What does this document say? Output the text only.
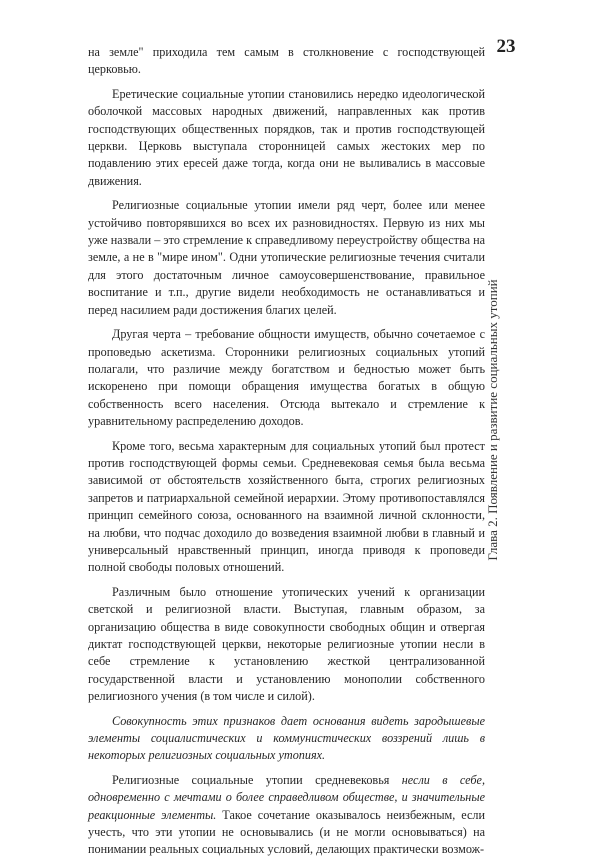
23
Глава 2. Появление и развитие социальных утопий

на земле" приходила тем самым в столкновение с господствующей церковью.

Еретические социальные утопии становились нередко идеологической оболочкой массовых народных движений, направленных как против господствующих общественных порядков, так и против господствующей церкви. Церковь выступала сторонницей самых жестоких мер по подавлению этих ересей даже тогда, когда они не выливались в массовые движения.

Религиозные социальные утопии имели ряд черт, более или менее устойчиво повторявшихся во всех их разновидностях. Первую из них мы уже назвали – это стремление к справедливому переустройству общества на земле, а не в "мире ином". Одни утопические религиозные течения считали для этого достаточным личное самоусовершенствование, правильное воспитание и т.п., другие видели необходимость не останавливаться и перед насилием ради достижения благих целей.

Другая черта – требование общности имуществ, обычно сочетаемое с проповедью аскетизма. Сторонники религиозных социальных утопий полагали, что различие между богатством и бедностью может быть искоренено при помощи обращения имущества богатых в общую собственность всего населения. Отсюда вытекало и стремление к уравнительному распределению доходов.

Кроме того, весьма характерным для социальных утопий был протест против господствующей формы семьи. Средневековая семья была весьма зависимой от обстоятельств хозяйственного быта, строгих религиозных запретов и патриархальной семейной иерархии. Этому противопоставлялся принцип семейного союза, основанного на взаимной личной склонности, на любви, что подчас доходило до возведения взаимной любви в главный и универсальный нравственный принцип, иногда приводя к проповеди полной свободы половых отношений.

Различным было отношение утопических учений к организации светской и религиозной власти. Выступая, главным образом, за организацию общества в виде совокупности свободных общин и отвергая диктат господствующей церкви, некоторые религиозные утопии несли в себе стремление к установлению жесткой централизованной государственной власти и установлению монополии собственного религиозного учения (в том числе и силой).

Совокупность этих признаков дает основания видеть зародышевые элементы социалистических и коммунистических воззрений лишь в некоторых религиозных социальных утопиях.

Религиозные социальные утопии средневековья несли в себе, одновременно с мечтами о более справедливом обществе, и значительные реакционные элементы. Такое сочетание оказывалось неизбежным, если учесть, что эти утопии не основывались (и не могли основываться) на понимании реальных социальных условий, делающих практически возмож-
